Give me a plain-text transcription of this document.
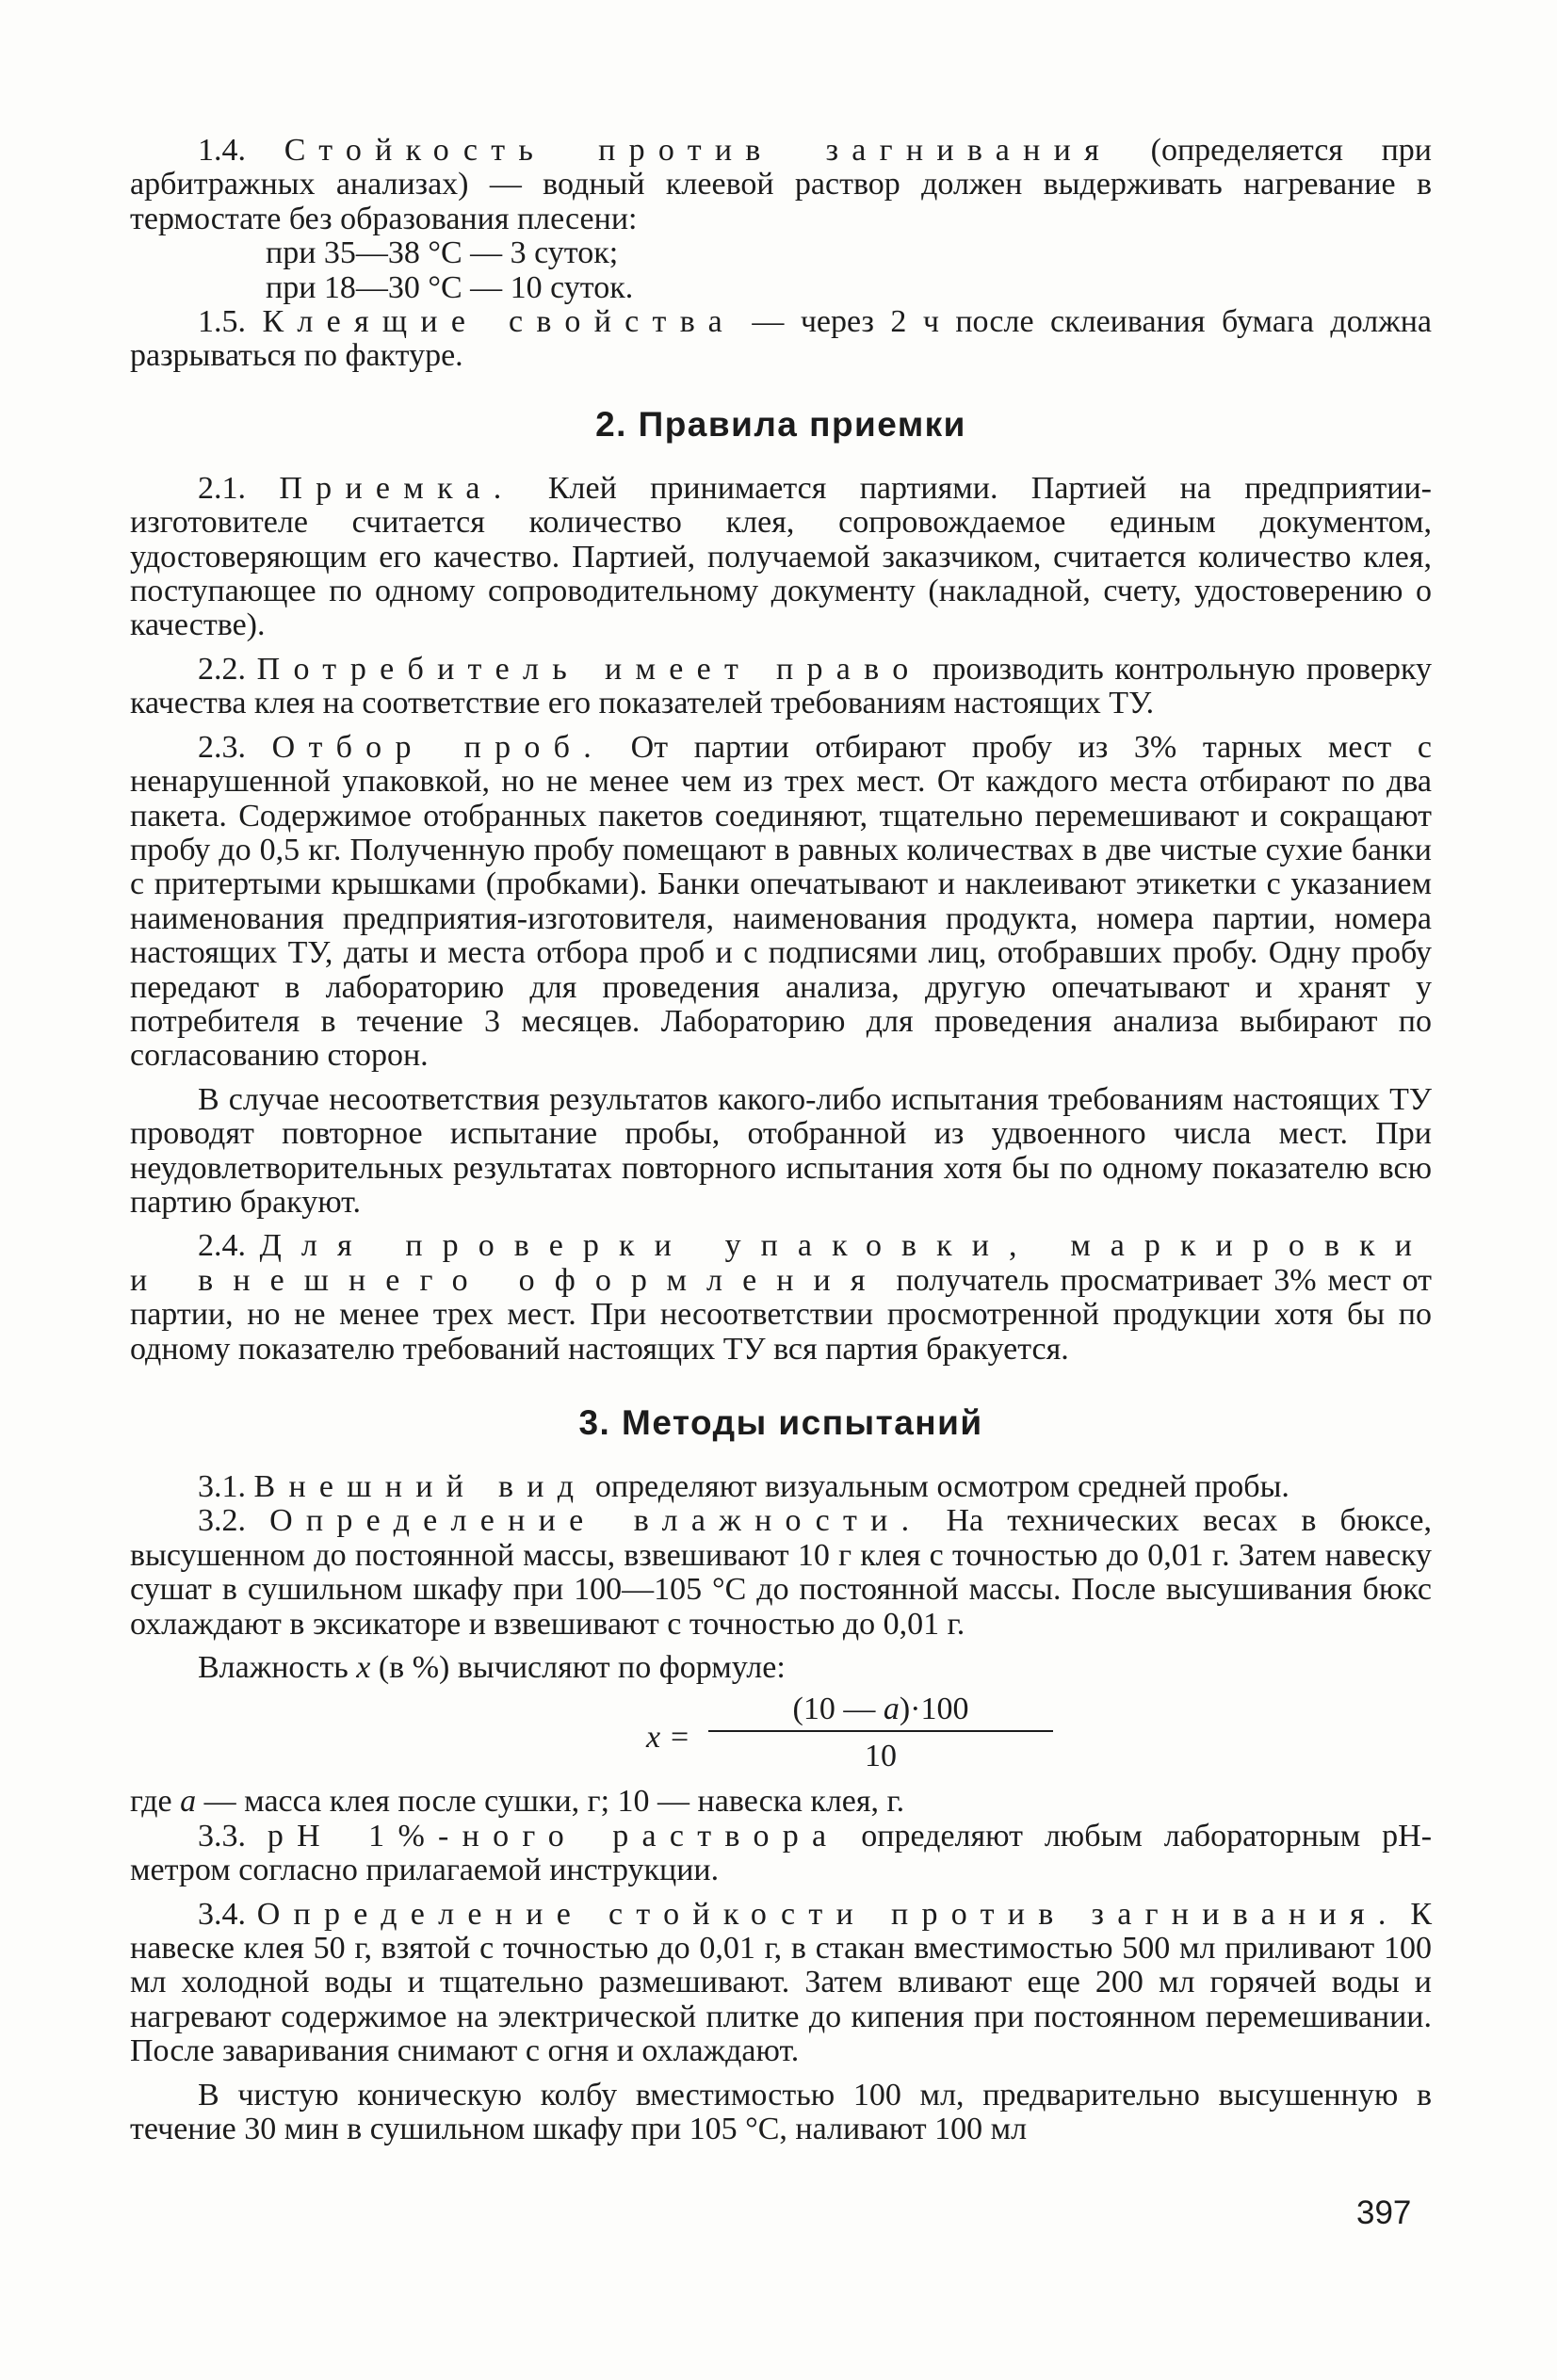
1.4. Стойкость против загнивания (определяется при арбитражных анализах) — водный клеевой раствор должен выдерживать нагревание в термостате без образования плесени:

при 35—38 °С — 3 суток;
при 18—30 °С — 10 суток.

1.5. Клеящие свойства — через 2 ч после склеивания бумага должна разрываться по фактуре.

2. Правила приемки

2.1. Приемка. Клей принимается партиями. Партией на предприятии-изготовителе считается количество клея, сопровождаемое единым документом, удостоверяющим его качество. Партией, получаемой заказчиком, считается количество клея, поступающее по одному сопроводительному документу (накладной, счету, удостоверению о качестве).

2.2. Потребитель имеет право производить контрольную проверку качества клея на соответствие его показателей требованиям настоящих ТУ.

2.3. Отбор проб. От партии отбирают пробу из 3% тарных мест с ненарушенной упаковкой, но не менее чем из трех мест. От каждого места отбирают по два пакета. Содержимое отобранных пакетов соединяют, тщательно перемешивают и сокращают пробу до 0,5 кг. Полученную пробу помещают в равных количествах в две чистые сухие банки с притертыми крышками (пробками). Банки опечатывают и наклеивают этикетки с указанием наименования предприятия-изготовителя, наименования продукта, номера партии, номера настоящих ТУ, даты и места отбора проб и с подписями лиц, отобравших пробу. Одну пробу передают в лабораторию для проведения анализа, другую опечатывают и хранят у потребителя в течение 3 месяцев. Лабораторию для проведения анализа выбирают по согласованию сторон.

В случае несоответствия результатов какого-либо испытания требованиям настоящих ТУ проводят повторное испытание пробы, отобранной из удвоенного числа мест. При неудовлетворительных результатах повторного испытания хотя бы по одному показателю всю партию бракуют.

2.4. Для проверки упаковки, маркировки и внешнего оформления получатель просматривает 3% мест от партии, но не менее трех мест. При несоответствии просмотренной продукции хотя бы по одному показателю требований настоящих ТУ вся партия бракуется.

3. Методы испытаний

3.1. Внешний вид определяют визуальным осмотром средней пробы.

3.2. Определение влажности. На технических весах в бюксе, высушенном до постоянной массы, взвешивают 10 г клея с точностью до 0,01 г. Затем навеску сушат в сушильном шкафу при 100—105 °С до постоянной массы. После высушивания бюкс охлаждают в эксикаторе и взвешивают с точностью до 0,01 г.

Влажность x (в %) вычисляют по формуле:

x =
(10 — a)·100
10

где a — масса клея после сушки, г; 10 — навеска клея, г.

3.3. pH 1%-ного раствора определяют любым лабораторным pH-метром согласно прилагаемой инструкции.

3.4. Определение стойкости против загнивания. К навеске клея 50 г, взятой с точностью до 0,01 г, в стакан вместимостью 500 мл приливают 100 мл холодной воды и тщательно размешивают. Затем вливают еще 200 мл горячей воды и нагревают содержимое на электрической плитке до кипения при постоянном перемешивании. После заваривания снимают с огня и охлаждают.

В чистую коническую колбу вместимостью 100 мл, предварительно высушенную в течение 30 мин в сушильном шкафу при 105 °С, наливают 100 мл

397
